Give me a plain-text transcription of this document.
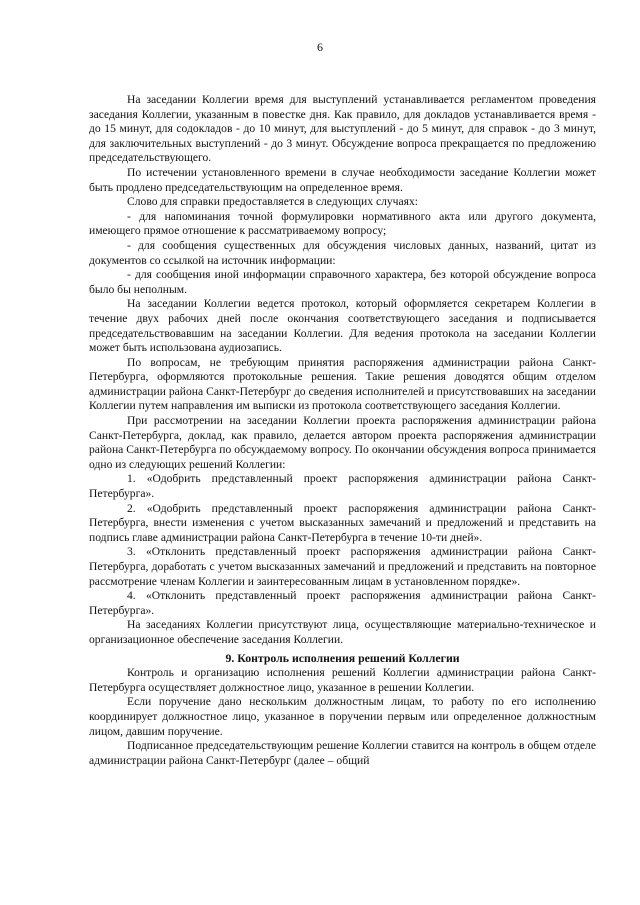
6

На заседании Коллегии время для выступлений устанавливается регламентом проведения заседания Коллегии, указанным в повестке дня. Как правило, для докладов устанавливается время - до 15 минут, для содокладов - до 10 минут, для выступлений - до 5 минут, для справок - до 3 минут, для заключительных выступлений - до 3 минут. Обсуждение вопроса прекращается по предложению председательствующего.

По истечении установленного времени в случае необходимости заседание Коллегии может быть продлено председательствующим на определенное время.

Слово для справки предоставляется в следующих случаях:

- для напоминания точной формулировки нормативного акта или другого документа, имеющего прямое отношение к рассматриваемому вопросу;

- для сообщения существенных для обсуждения числовых данных, названий, цитат из документов со ссылкой на источник информации:

- для сообщения иной информации справочного характера, без которой обсуждение вопроса было бы неполным.

На заседании Коллегии ведется протокол, который оформляется секретарем Коллегии в течение двух рабочих дней после окончания соответствующего заседания и подписывается председательствовавшим на заседании Коллегии. Для ведения протокола на заседании Коллегии может быть использована аудиозапись.

По вопросам, не требующим принятия распоряжения администрации района Санкт-Петербурга, оформляются протокольные решения. Такие решения доводятся общим отделом администрации района Санкт-Петербург до сведения исполнителей и присутствовавших на заседании Коллегии путем направления им выписки из протокола соответствующего заседания Коллегии.

При рассмотрении на заседании Коллегии проекта распоряжения администрации района Санкт-Петербурга, доклад, как правило, делается автором проекта распоряжения администрации района Санкт-Петербурга по обсуждаемому вопросу. По окончании обсуждения вопроса принимается одно из следующих решений Коллегии:

1. «Одобрить представленный проект распоряжения администрации района Санкт-Петербурга».

2. «Одобрить представленный проект распоряжения администрации района Санкт-Петербурга, внести изменения с учетом высказанных замечаний и предложений и представить на подпись главе администрации района Санкт-Петербурга в течение 10-ти дней».

3. «Отклонить представленный проект распоряжения администрации района Санкт-Петербурга, доработать с учетом высказанных замечаний и предложений и представить на повторное рассмотрение членам Коллегии и заинтересованным лицам в установленном порядке».

4. «Отклонить представленный проект распоряжения администрации района Санкт-Петербурга».

На заседаниях Коллегии присутствуют лица, осуществляющие материально-техническое и организационное обеспечение заседания Коллегии.

9. Контроль исполнения решений Коллегии

Контроль и организацию исполнения решений Коллегии администрации района Санкт-Петербурга осуществляет должностное лицо, указанное в решении Коллегии.

Если поручение дано нескольким должностным лицам, то работу по его исполнению координирует должностное лицо, указанное в поручении первым или определенное должностным лицом, давшим поручение.

Подписанное председательствующим решение Коллегии ставится на контроль в общем отделе администрации района Санкт-Петербург (далее – общий
